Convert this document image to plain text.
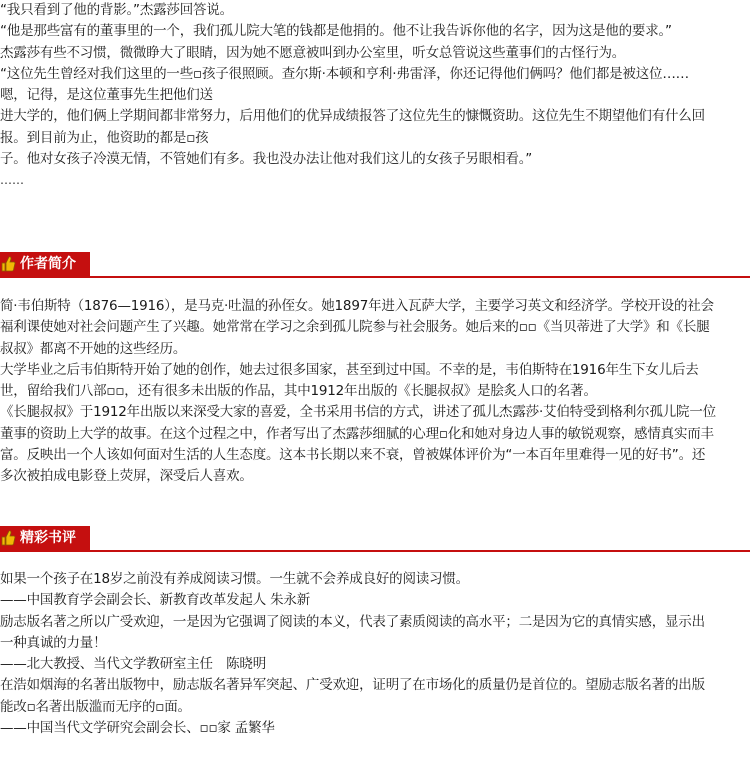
“我只看到了他的背影。”杰露莎回答说。

“他是那些富有的董事里的一个，我们孤儿院大笔的钱都是他捐的。他不让我告诉你他的名字，因为这是他的要求。”

杰露莎有些不习惯，微微睁大了眼睛，因为她不愿意被叫到办公室里，听女总管说这些董事们的古怪行为。

“这位先生曾经对我们这里的一些▫孩子很照顾。查尔斯·本顿和亨利·弗雷泽，你还记得他们俩吗？他们都是被这位……

嗯，记得，是这位董事先生把他们送

进大学的，他们俩上学期间都非常努力，后用他们的优异成绩报答了这位先生的慷慨资助。这位先生不期望他们有什么回

报。到目前为止，他资助的都是▫孩

子。他对女孩子冷漠无情，不管她们有多。我也没办法让他对我们这儿的女孩子另眼相看。”

……
作者简介

简·韦伯斯特（1876—1916），是马克·吐温的孙侄女。她1897年进入瓦萨大学，主要学习英文和经济学。学校开设的社会

福利课使她对社会问题产生了兴趣。她常常在学习之余到孤儿院参与社会服务。她后来的▫▫《当贝蒂进了大学》和《长腿

叔叔》都离不开她的这些经历。

大学毕业之后韦伯斯特开始了她的创作，她去过很多国家，甚至到过中国。不幸的是，韦伯斯特在1916年生下女儿后去

世，留给我们八部▫▫，还有很多未出版的作品，其中1912年出版的《长腿叔叔》是脍炙人口的名著。

《长腿叔叔》于1912年出版以来深受大家的喜爱，全书采用书信的方式，讲述了孤儿杰露莎·艾伯特受到格利尔孤儿院一位

董事的资助上大学的故事。在这个过程之中，作者写出了杰露莎细腻的心理▫化和她对身边人事的敏锐观察，感情真实而丰

富。反映出一个人该如何面对生活的人生态度。这本书长期以来不衰，曾被媒体评价为“一本百年里难得一见的好书”。还

多次被拍成电影登上荧屏，深受后人喜欢。

精彩书评

如果一个孩子在18岁之前没有养成阅读习惯。一生就不会养成良好的阅读习惯。

——中国教育学会副会长、新教育改革发起人 朱永新

励志版名著之所以广受欢迎，一是因为它强调了阅读的本义，代表了素质阅读的高水平；二是因为它的真情实感，显示出

一种真诚的力量！

——北大教授、当代文学教研室主任　陈晓明

在浩如烟海的名著出版物中，励志版名著异军突起、广受欢迎，证明了在市场化的质量仍是首位的。望励志版名著的出版

能改▫名著出版滥而无序的▫面。

——中国当代文学研究会副会长、▫▫家 孟繁华
